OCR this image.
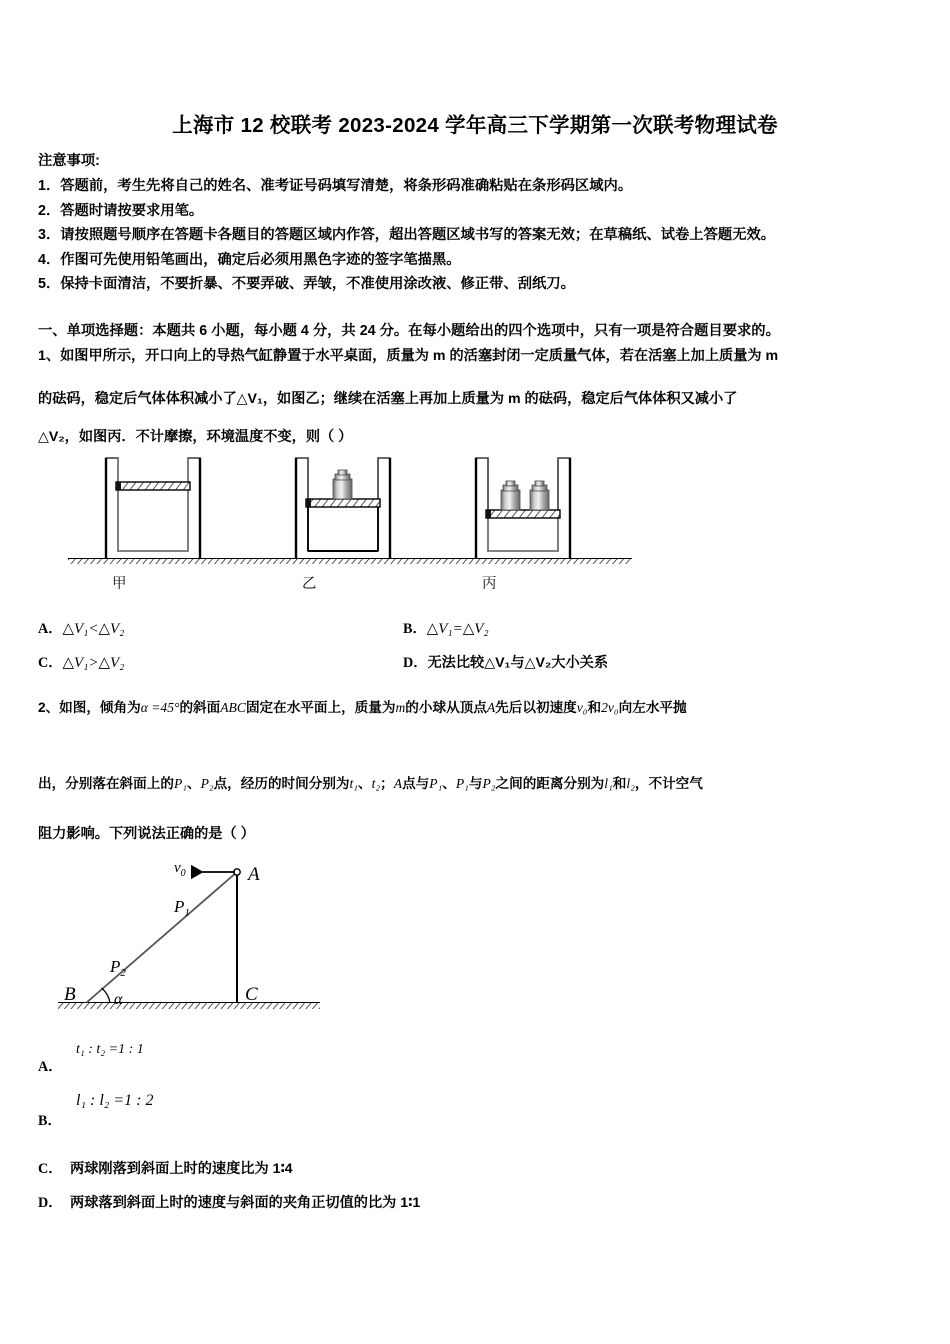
上海市 12 校联考 2023-2024 学年高三下学期第一次联考物理试卷
注意事项:
1．答题前，考生先将自己的姓名、准考证号码填写清楚，将条形码准确粘贴在条形码区域内。
2．答题时请按要求用笔。
3．请按照题号顺序在答题卡各题目的答题区域内作答，超出答题区域书写的答案无效；在草稿纸、试卷上答题无效。
4．作图可先使用铅笔画出，确定后必须用黑色字迹的签字笔描黑。
5．保持卡面清洁，不要折暴、不要弄破、弄皱，不准使用涂改液、修正带、刮纸刀。
一、单项选择题：本题共 6 小题，每小题 4 分，共 24 分。在每小题给出的四个选项中，只有一项是符合题目要求的。
1、如图甲所示，开口向上的导热气缸静置于水平桌面，质量为 m 的活塞封闭一定质量气体，若在活塞上加上质量为 m
的砝码，稳定后气体体积减小了△V₁，如图乙；继续在活塞上再加上质量为 m 的砝码，稳定后气体体积又减小了
△V₂，如图丙．不计摩擦，环境温度不变，则（ ）
甲	乙	丙
A．△V₁<△V₂	B．△V₁=△V₂
C．△V₁>△V₂	D．无法比较△V₁与△V₂大小关系
2、如图，倾角为α =45°的斜面ABC固定在水平面上，质量为m的小球从顶点A先后以初速度v₀和2v₀向左水平抛
出，分别落在斜面上的P₁、P₂点，经历的时间分别为t₁、t₂；A点与P₁、P₁与P₂之间的距离分别为l₁和l₂，不计空气
阻力影响。下列说法正确的是（ ）
A
B	C
α
$v_0$
$P_1$
$P_2$
A．
t₁ : t₂ =1 : 1
B．
l₁ : l₂ =1 : 2
C． 两球刚落到斜面上时的速度比为 1∶4
D． 两球落到斜面上时的速度与斜面的夹角正切值的比为 1∶1
